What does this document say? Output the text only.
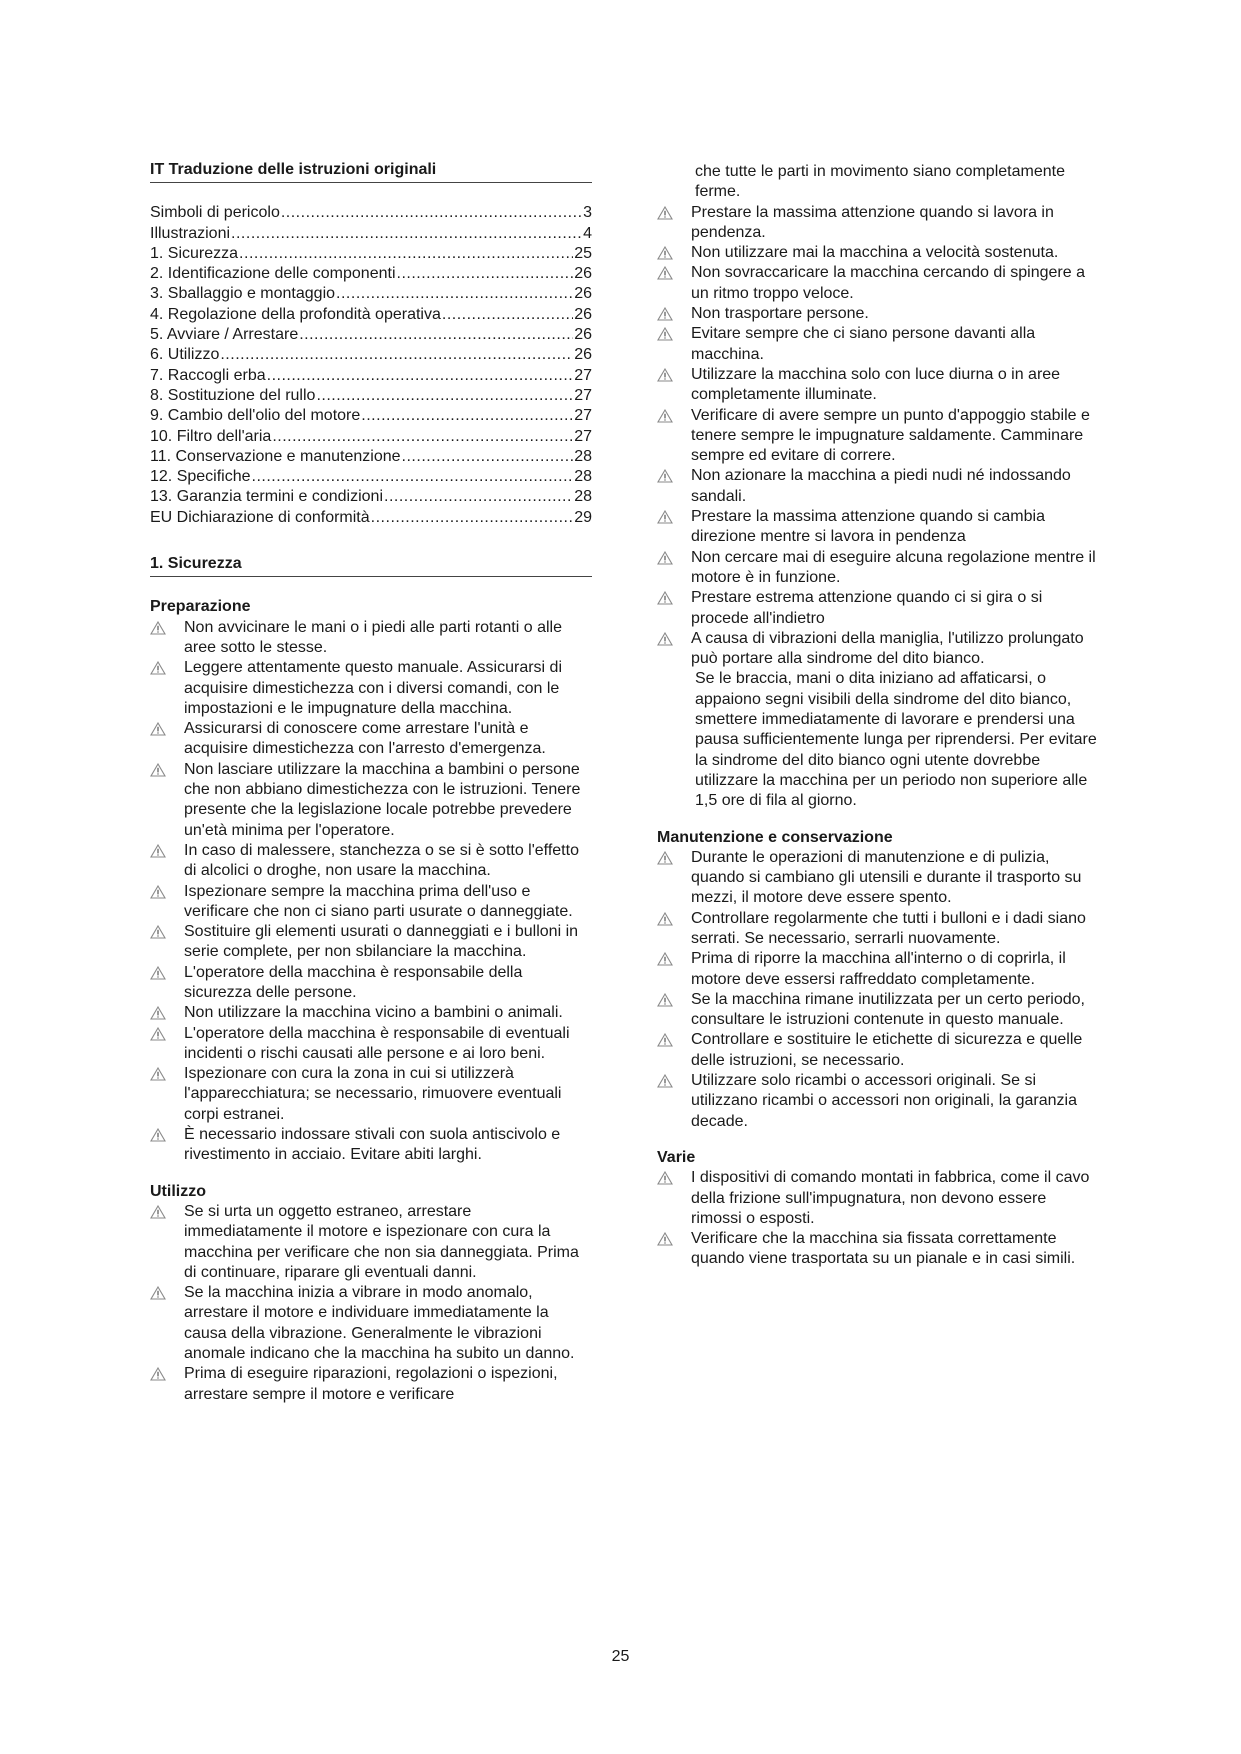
IT Traduzione delle istruzioni originali
Simboli di pericolo .....	3
Illustrazioni .....	4
1. Sicurezza .....	25
2. Identificazione delle componenti .....	26
3. Sballaggio e montaggio .....	26
4. Regolazione della profondità operativa .....	26
5. Avviare / Arrestare .....	26
6. Utilizzo .....	26
7. Raccogli erba .....	27
8. Sostituzione del rullo .....	27
9. Cambio dell'olio del motore .....	27
10. Filtro dell'aria .....	27
11. Conservazione e manutenzione .....	28
12. Specifiche .....	28
13. Garanzia termini e condizioni .....	28
EU Dichiarazione di conformità .....	29
1. Sicurezza

Preparazione

Non avvicinare le mani o i piedi alle parti rotanti o alle aree sotto le stesse.
Leggere attentamente questo manuale. Assicurarsi di acquisire dimestichezza con i diversi comandi, con le impostazioni e le impugnature della macchina.
Assicurarsi di conoscere come arrestare l'unità e acquisire dimestichezza con l'arresto d'emergenza.
Non lasciare utilizzare la macchina a bambini o persone che non abbiano dimestichezza con le istruzioni. Tenere presente che la legislazione locale potrebbe prevedere un'età minima per l'operatore.
In caso di malessere, stanchezza o se si è sotto l'effetto di alcolici o droghe, non usare la macchina.
Ispezionare sempre la macchina prima dell'uso e verificare che non ci siano parti usurate o danneggiate.
Sostituire gli elementi usurati o danneggiati e i bulloni in serie complete, per non sbilanciare la macchina.
L'operatore della macchina è responsabile della sicurezza delle persone.
Non utilizzare la macchina vicino a bambini o animali.
L'operatore della macchina è responsabile di eventuali incidenti o rischi causati alle persone e ai loro beni.
Ispezionare con cura la zona in cui si utilizzerà l'apparecchiatura; se necessario, rimuovere eventuali corpi estranei.
È necessario indossare stivali con suola antiscivolo e rivestimento in acciaio. Evitare abiti larghi.

Utilizzo

Se si urta un oggetto estraneo, arrestare immediatamente il motore e ispezionare con cura la macchina per verificare che non sia danneggiata. Prima di continuare, riparare gli eventuali danni.
Se la macchina inizia a vibrare in modo anomalo, arrestare il motore e individuare immediatamente la causa della vibrazione. Generalmente le vibrazioni anomale indicano che la macchina ha subito un danno.
Prima di eseguire riparazioni, regolazioni o ispezioni, arrestare sempre il motore e verificare
che tutte le parti in movimento siano completamente ferme.
Prestare la massima attenzione quando si lavora in pendenza.
Non utilizzare mai la macchina a velocità sostenuta.
Non sovraccaricare la macchina cercando di spingere a un ritmo troppo veloce.
Non trasportare persone.
Evitare sempre che ci siano persone davanti alla macchina.
Utilizzare la macchina solo con luce diurna o in aree completamente illuminate.
Verificare di avere sempre un punto d'appoggio stabile e tenere sempre le impugnature saldamente. Camminare sempre ed evitare di correre.
Non azionare la macchina a piedi nudi né indossando sandali.
Prestare la massima attenzione quando si cambia direzione mentre si lavora in pendenza
Non cercare mai di eseguire alcuna regolazione mentre il motore è in funzione.
Prestare estrema attenzione quando ci si gira o si procede all'indietro
A causa di vibrazioni della maniglia, l'utilizzo prolungato può portare alla sindrome del dito bianco.
Se le braccia, mani o dita iniziano ad affaticarsi, o appaiono segni visibili della sindrome del dito bianco, smettere immediatamente di lavorare e prendersi una pausa sufficientemente lunga per riprendersi. Per evitare la sindrome del dito bianco ogni utente dovrebbe utilizzare la macchina per un periodo non superiore alle 1,5 ore di fila al giorno.

Manutenzione e conservazione

Durante le operazioni di manutenzione e di pulizia, quando si cambiano gli utensili e durante il trasporto su mezzi, il motore deve essere spento.
Controllare regolarmente che tutti i bulloni e i dadi siano serrati. Se necessario, serrarli nuovamente.
Prima di riporre la macchina all'interno o di coprirla, il motore deve essersi raffreddato completamente.
Se la macchina rimane inutilizzata per un certo periodo, consultare le istruzioni contenute in questo manuale.
Controllare e sostituire le etichette di sicurezza e quelle delle istruzioni, se necessario.
Utilizzare solo ricambi o accessori originali. Se si utilizzano ricambi o accessori non originali, la garanzia decade.

Varie

I dispositivi di comando montati in fabbrica, come il cavo della frizione sull'impugnatura, non devono essere rimossi o esposti.
Verificare che la macchina sia fissata correttamente quando viene trasportata su un pianale e in casi simili.
25
